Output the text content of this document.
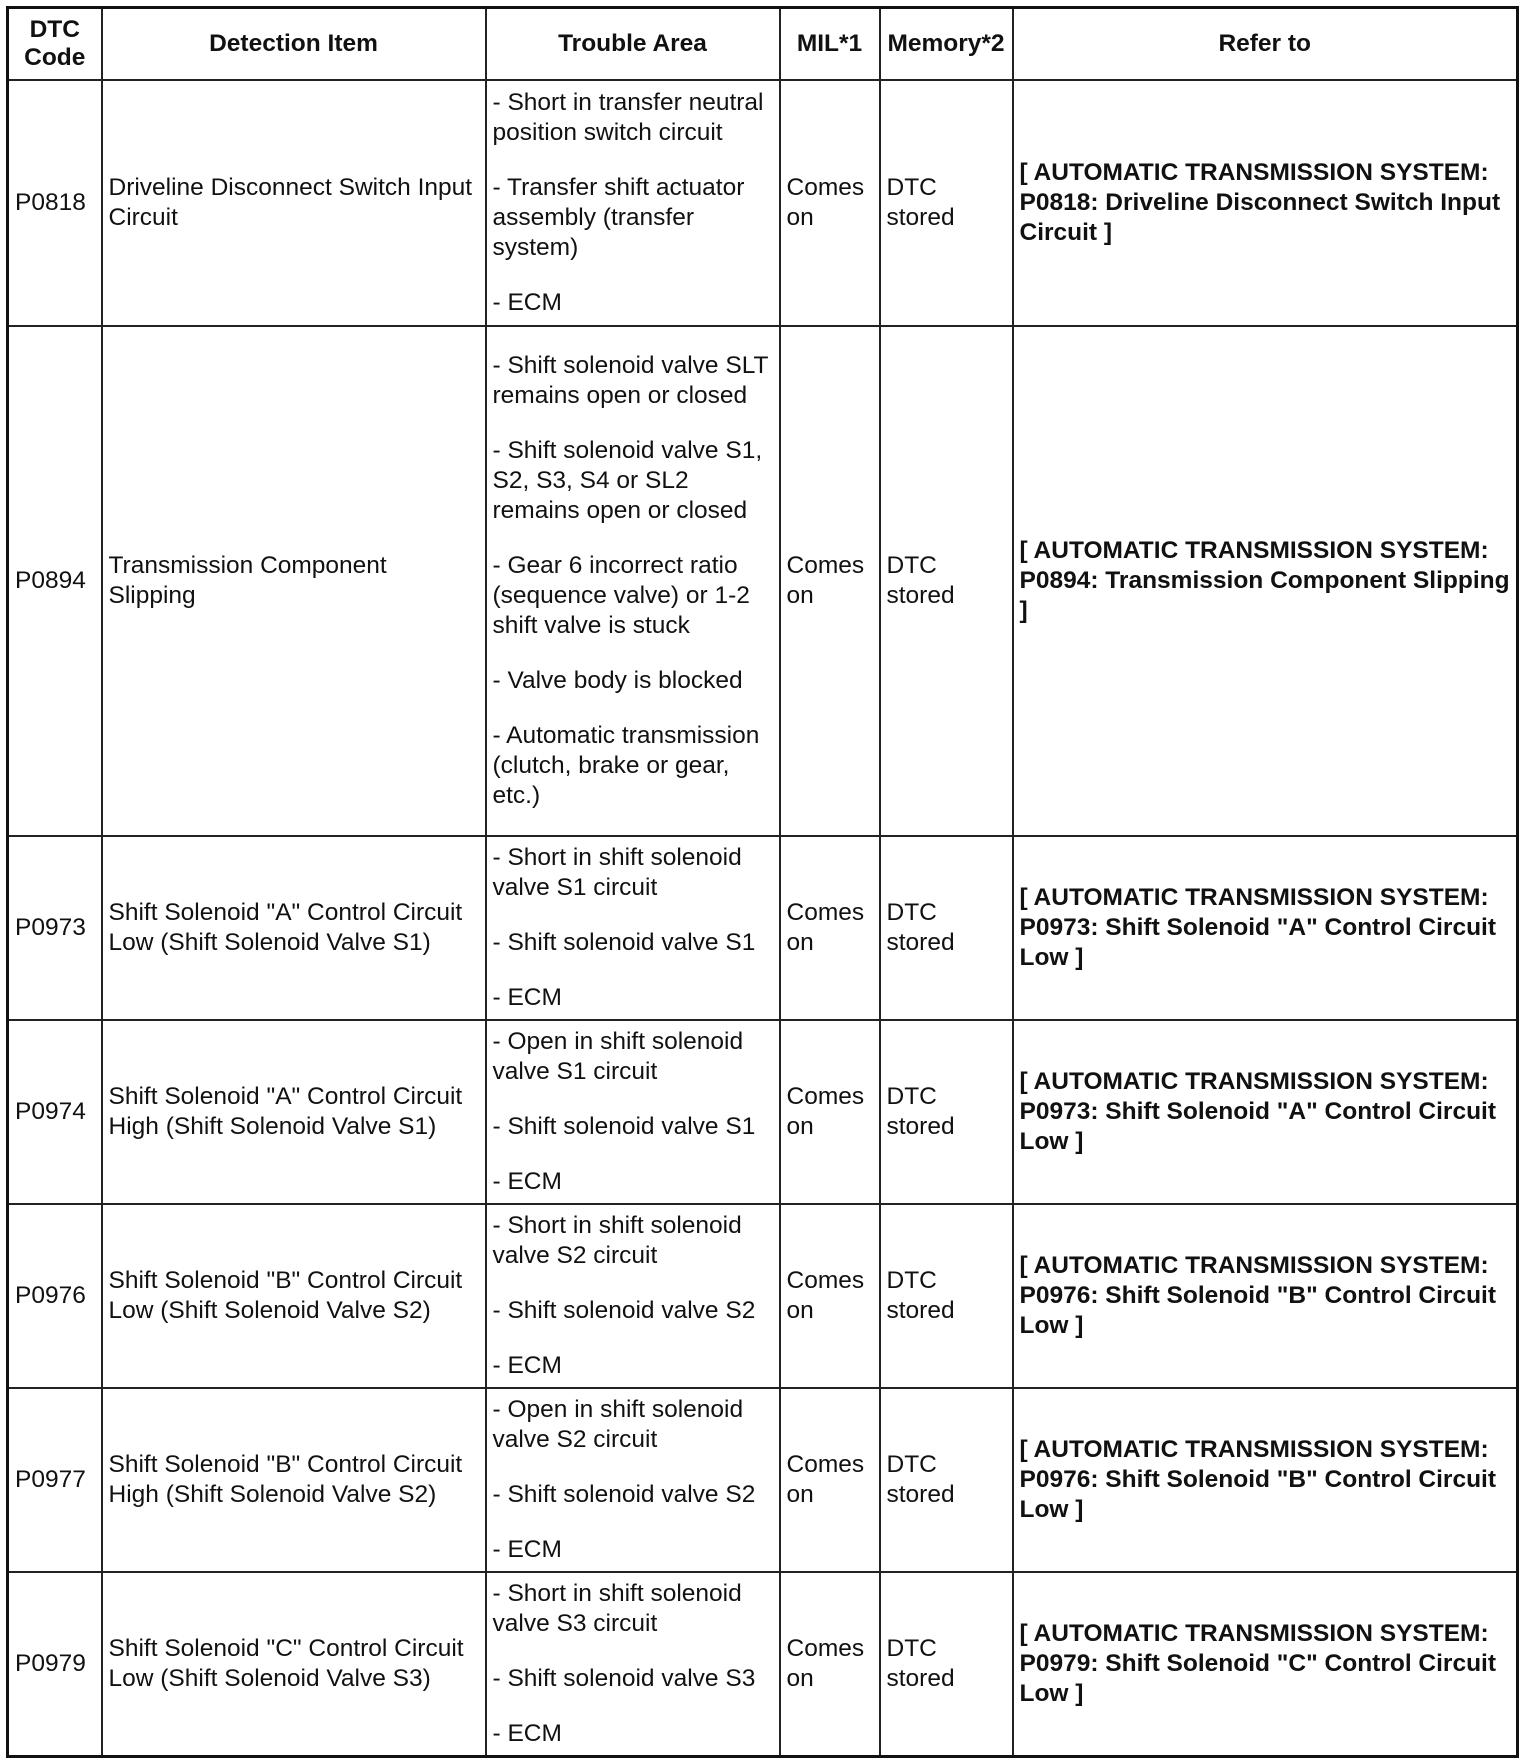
DTC Code	Detection Item	Trouble Area	MIL*1	Memory*2	Refer to
P0818	Driveline Disconnect Switch Input Circuit	- Short in transfer neutral position switch circuit
- Transfer shift actuator assembly (transfer system)
- ECM	Comes on	DTC stored	[ AUTOMATIC TRANSMISSION SYSTEM: P0818: Driveline Disconnect Switch Input Circuit ]
P0894	Transmission Component Slipping	- Shift solenoid valve SLT remains open or closed
- Shift solenoid valve S1, S2, S3, S4 or SL2 remains open or closed
- Gear 6 incorrect ratio (sequence valve) or 1-2 shift valve is stuck
- Valve body is blocked
- Automatic transmission (clutch, brake or gear, etc.)	Comes on	DTC stored	[ AUTOMATIC TRANSMISSION SYSTEM: P0894: Transmission Component Slipping ]
P0973	Shift Solenoid "A" Control Circuit Low (Shift Solenoid Valve S1)	- Short in shift solenoid valve S1 circuit
- Shift solenoid valve S1
- ECM	Comes on	DTC stored	[ AUTOMATIC TRANSMISSION SYSTEM: P0973: Shift Solenoid "A" Control Circuit Low ]
P0974	Shift Solenoid "A" Control Circuit High (Shift Solenoid Valve S1)	- Open in shift solenoid valve S1 circuit
- Shift solenoid valve S1
- ECM	Comes on	DTC stored	[ AUTOMATIC TRANSMISSION SYSTEM: P0973: Shift Solenoid "A" Control Circuit Low ]
P0976	Shift Solenoid "B" Control Circuit Low (Shift Solenoid Valve S2)	- Short in shift solenoid valve S2 circuit
- Shift solenoid valve S2
- ECM	Comes on	DTC stored	[ AUTOMATIC TRANSMISSION SYSTEM: P0976: Shift Solenoid "B" Control Circuit Low ]
P0977	Shift Solenoid "B" Control Circuit High (Shift Solenoid Valve S2)	- Open in shift solenoid valve S2 circuit
- Shift solenoid valve S2
- ECM	Comes on	DTC stored	[ AUTOMATIC TRANSMISSION SYSTEM: P0976: Shift Solenoid "B" Control Circuit Low ]
P0979	Shift Solenoid "C" Control Circuit Low (Shift Solenoid Valve S3)	- Short in shift solenoid valve S3 circuit
- Shift solenoid valve S3
- ECM	Comes on	DTC stored	[ AUTOMATIC TRANSMISSION SYSTEM: P0979: Shift Solenoid "C" Control Circuit Low ]
